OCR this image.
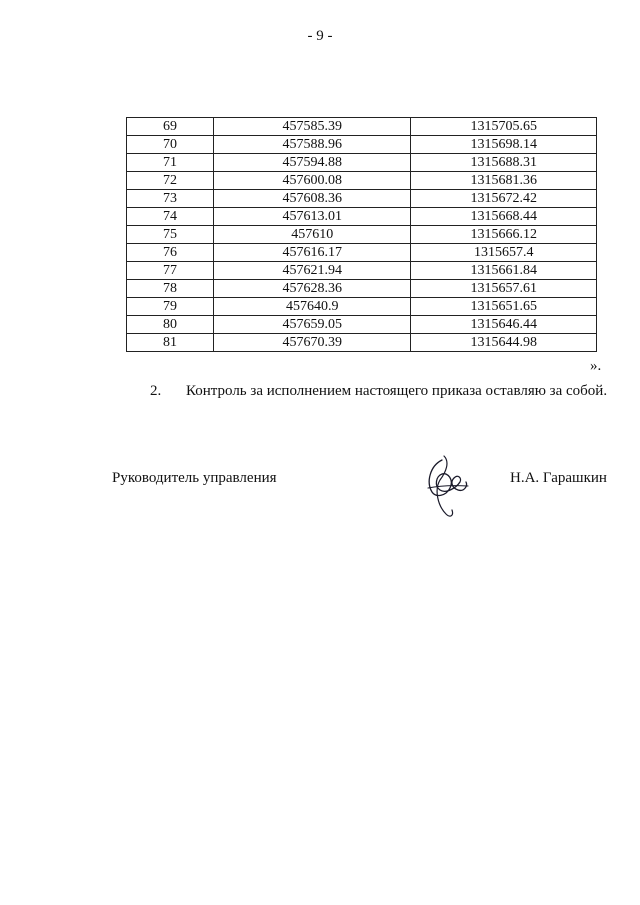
- 9 -
69	457585.39	1315705.65
70	457588.96	1315698.14
71	457594.88	1315688.31
72	457600.08	1315681.36
73	457608.36	1315672.42
74	457613.01	1315668.44
75	457610	1315666.12
76	457616.17	1315657.4
77	457621.94	1315661.84
78	457628.36	1315657.61
79	457640.9	1315651.65
80	457659.05	1315646.44
81	457670.39	1315644.98
».
2. Контроль за исполнением настоящего приказа оставляю за собой.
Руководитель управления	Н.А. Гарашкин
